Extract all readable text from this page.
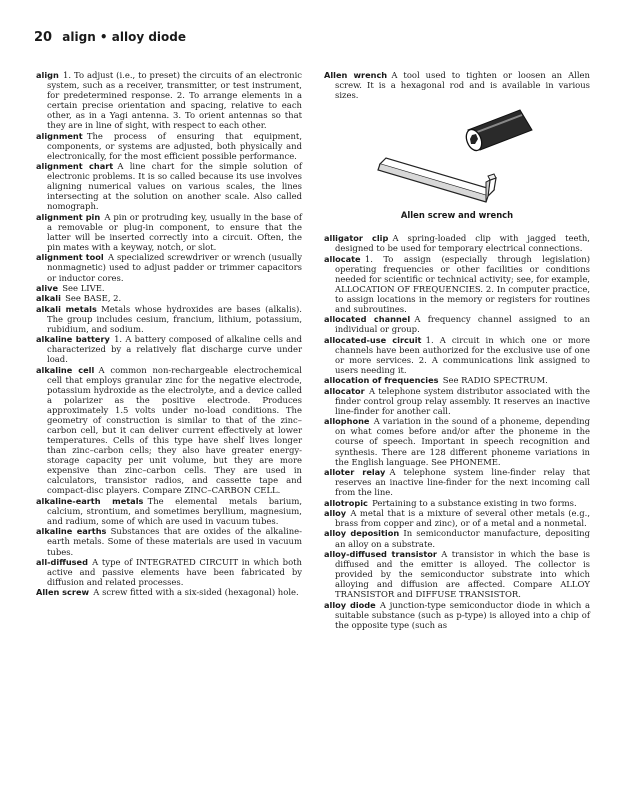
20 align • alloy diode

align  1. To adjust (i.e., to preset) the circuits of an electronic system, such as a receiver, transmitter, or test instrument, for predetermined response. 2. To arrange elements in a certain precise orientation and spacing, relative to each other, as in a Yagi antenna. 3. To orient antennas so that they are in line of sight, with respect to each other.

alignment  The process of ensuring that equipment, components, or systems are adjusted, both physically and electronically, for the most efficient possible performance.

alignment chart  A line chart for the simple solution of electronic problems. It is so called because its use involves aligning numerical values on various scales, the lines intersecting at the solution on another scale. Also called nomograph.

alignment pin  A pin or protruding key, usually in the base of a removable or plug-in component, to ensure that the latter will be inserted correctly into a circuit. Often, the pin mates with a keyway, notch, or slot.

alignment tool  A specialized screwdriver or wrench (usually nonmagnetic) used to adjust padder or trimmer capacitors or inductor cores.

alive  See LIVE.

alkali  See BASE, 2.

alkali metals  Metals whose hydroxides are bases (alkalis). The group includes cesium, francium, lithium, potassium, rubidium, and sodium.

alkaline battery  1. A battery composed of alkaline cells and characterized by a relatively flat discharge curve under load.

alkaline cell  A common non-rechargeable electrochemical cell that employs granular zinc for the negative electrode, potassium hydroxide as the electrolyte, and a device called a polarizer as the positive electrode. Produces approximately 1.5 volts under no-load conditions. The geometry of construction is similar to that of the zinc–carbon cell, but it can deliver current effectively at lower temperatures. Cells of this type have shelf lives longer than zinc–carbon cells; they also have greater energy-storage capacity per unit volume, but they are more expensive than zinc–carbon cells. They are used in calculators, transistor radios, and cassette tape and compact-disc players. Compare ZINC–CARBON CELL.

alkaline-earth metals  The elemental metals barium, calcium, strontium, and sometimes beryllium, magnesium, and radium, some of which are used in vacuum tubes.

alkaline earths  Substances that are oxides of the alkaline-earth metals. Some of these materials are used in vacuum tubes.

all-diffused  A type of INTEGRATED CIRCUIT in which both active and passive elements have been fabricated by diffusion and related processes.

Allen screw  A screw fitted with a six-sided (hexagonal) hole.

Allen wrench  A tool used to tighten or loosen an Allen screw. It is a hexagonal rod and is available in various sizes.

Allen screw and wrench

alligator clip  A spring-loaded clip with jagged teeth, designed to be used for temporary electrical connections.

allocate  1. To assign (especially through legislation) operating frequencies or other facilities or conditions needed for scientific or technical activity; see, for example, ALLOCATION OF FREQUENCIES. 2. In computer practice, to assign locations in the memory or registers for routines and subroutines.

allocated channel  A frequency channel assigned to an individual or group.

allocated-use circuit  1. A circuit in which one or more channels have been authorized for the exclusive use of one or more services. 2. A communications link assigned to users needing it.

allocation of frequencies  See RADIO SPECTRUM.

allocator  A telephone system distributor associated with the finder control group relay assembly. It reserves an inactive line-finder for another call.

allophone  A variation in the sound of a phoneme, depending on what comes before and/or after the phoneme in the course of speech. Important in speech recognition and synthesis. There are 128 different phoneme variations in the English language. See PHONEME.

alloter relay  A telephone system line-finder relay that reserves an inactive line-finder for the next incoming call from the line.

allotropic  Pertaining to a substance existing in two forms.

alloy  A metal that is a mixture of several other metals (e.g., brass from copper and zinc), or of a metal and a nonmetal.

alloy deposition  In semiconductor manufacture, depositing an alloy on a substrate.

alloy-diffused transistor  A transistor in which the base is diffused and the emitter is alloyed. The collector is provided by the semiconductor substrate into which alloying and diffusion are affected. Compare ALLOY TRANSISTOR and DIFFUSE TRANSISTOR.

alloy diode  A junction-type semiconductor diode in which a suitable substance (such as p-type) is alloyed into a chip of the opposite type (such as
